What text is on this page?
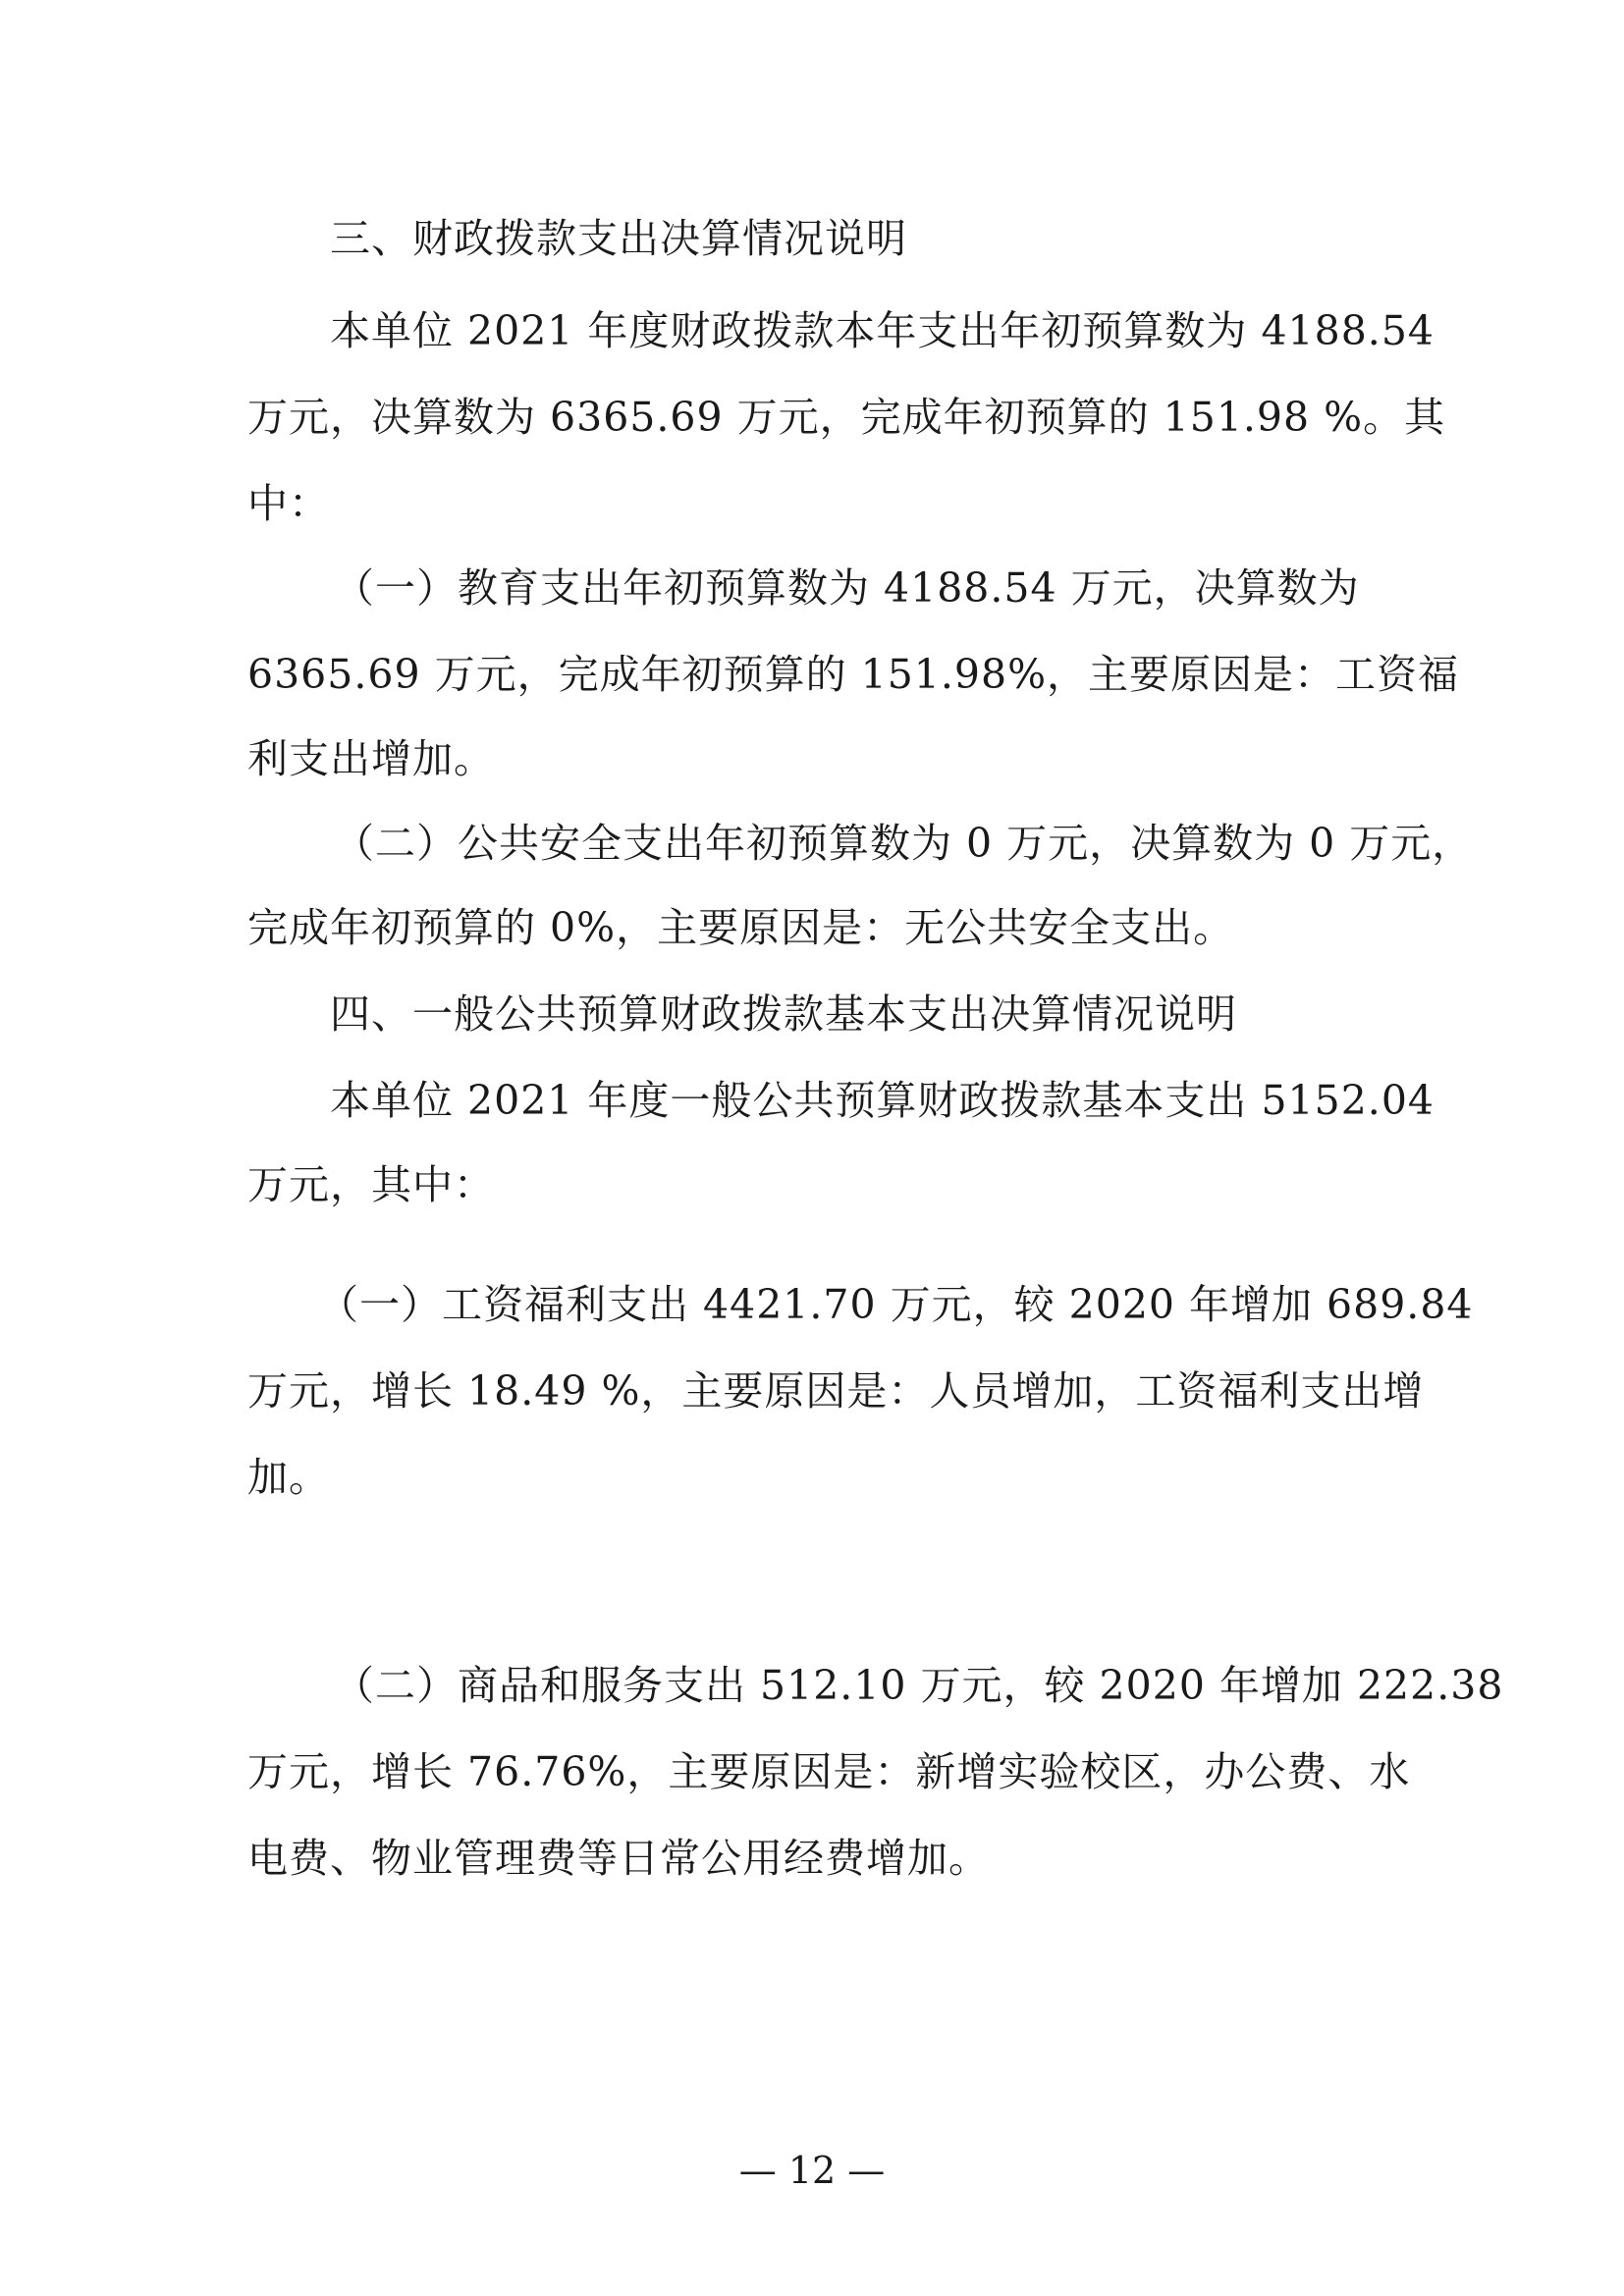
三、财政拨款支出决算情况说明
本单位 2021 年度财政拨款本年支出年初预算数为 4188.54
万元，决算数为 6365.69 万元，完成年初预算的 151.98 %。其
中：
（一）教育支出年初预算数为 4188.54 万元，决算数为
6365.69 万元，完成年初预算的 151.98%，主要原因是：工资福
利支出增加。
（二）公共安全支出年初预算数为 0 万元，决算数为 0 万元，
完成年初预算的 0%，主要原因是：无公共安全支出。
四、一般公共预算财政拨款基本支出决算情况说明
本单位 2021 年度一般公共预算财政拨款基本支出 5152.04
万元，其中：
（一）工资福利支出 4421.70 万元，较 2020 年增加 689.84
万元，增长 18.49 %，主要原因是：人员增加，工资福利支出增
加。
（二）商品和服务支出 512.10 万元，较 2020 年增加 222.38
万元，增长 76.76%，主要原因是：新增实验校区，办公费、水
电费、物业管理费等日常公用经费增加。
— 12 —
